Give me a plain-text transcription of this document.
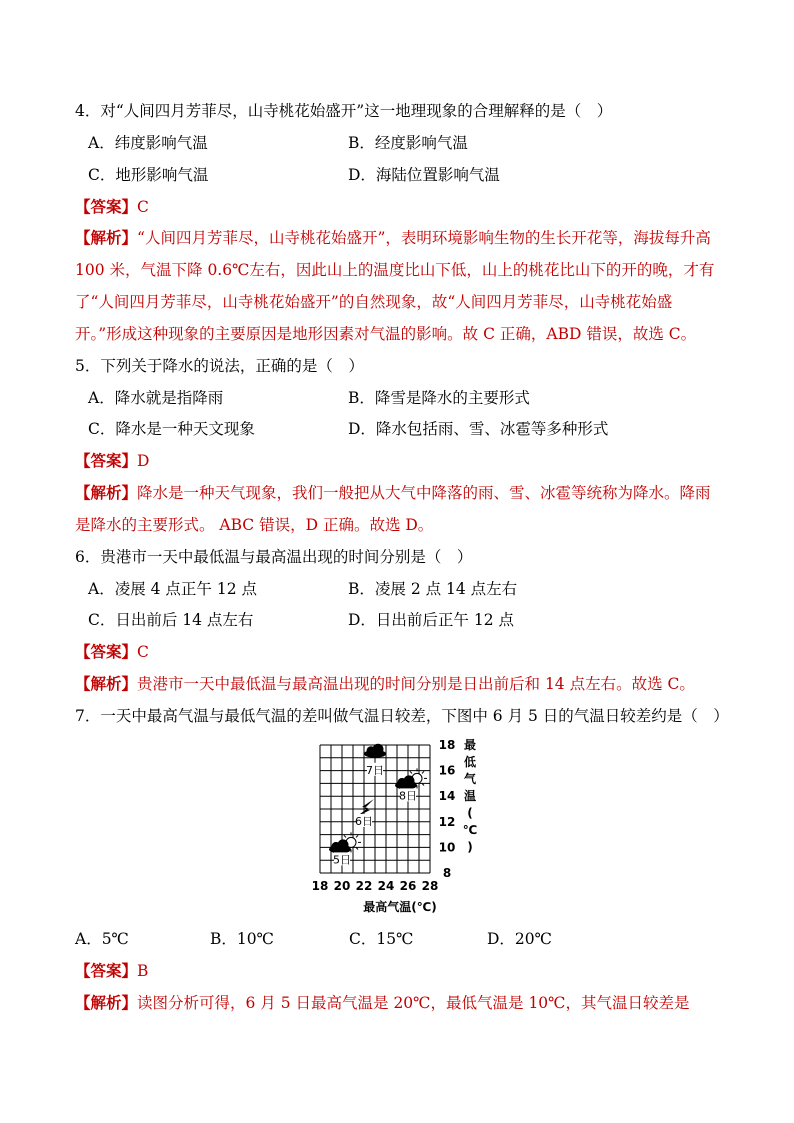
4．对“人间四月芳菲尽，山寺桃花始盛开”这一地理现象的合理解释的是（　）
A．纬度影响气温	B．经度影响气温
C．地形影响气温	D．海陆位置影响气温
【答案】C
【解析】“人间四月芳菲尽，山寺桃花始盛开”，表明环境影响生物的生长开花等，海拔每升高
100 米，气温下降 0.6℃左右，因此山上的温度比山下低，山上的桃花比山下的开的晚，才有
了“人间四月芳菲尽，山寺桃花始盛开”的自然现象，故“人间四月芳菲尽，山寺桃花始盛
开。”形成这种现象的主要原因是地形因素对气温的影响。故 C 正确，ABD 错误，故选 C。
5．下列关于降水的说法，正确的是（　）
A．降水就是指降雨	B．降雪是降水的主要形式
C．降水是一种天文现象	D．降水包括雨、雪、冰雹等多种形式
【答案】D
【解析】降水是一种天气现象，我们一般把从大气中降落的雨、雪、冰雹等统称为降水。降雨
是降水的主要形式。 ABC 错误，D 正确。故选 D。
6．贵港市一天中最低温与最高温出现的时间分别是（　）
A．凌展 4 点正午 12 点	B．凌展 2 点 14 点左右
C．日出前后 14 点左右	D．日出前后正午 12 点
【答案】C
【解析】贵港市一天中最低温与最高温出现的时间分别是日出前后和 14 点左右。故选 C。
7．一天中最高气温与最低气温的差叫做气温日较差，下图中 6 月 5 日的气温日较差约是（　）
8
10
12
14
16
18
18 20 22 24 26 28
5日
6日
7日
8日
最低气温( ℃ )
最高气温(℃)
A．5℃	B．10℃	C．15℃	D．20℃
【答案】B
【解析】读图分析可得，6 月 5 日最高气温是 20℃，最低气温是 10℃，其气温日较差是
